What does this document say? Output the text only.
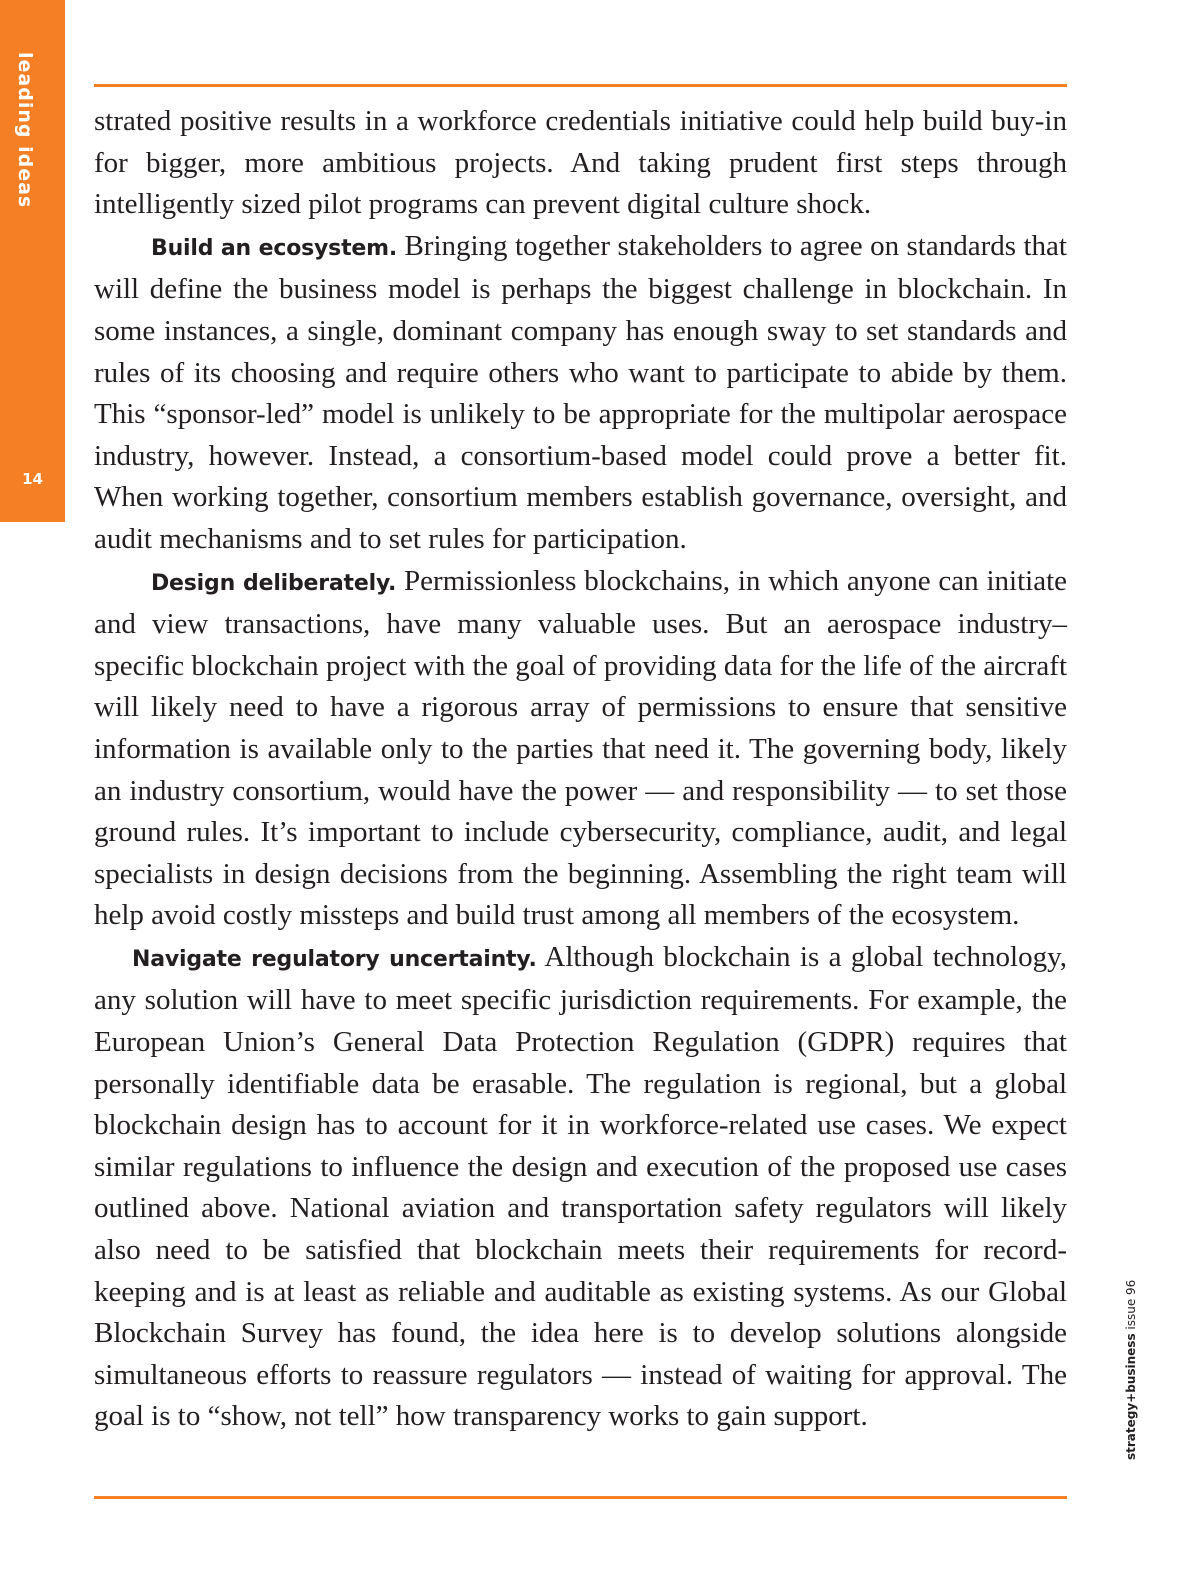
leading ideas
14

strated positive results in a workforce credentials initiative could help build buy-in for bigger, more ambitious projects. And taking prudent first steps through intelligently sized pilot programs can prevent digital culture shock.

Build an ecosystem. Bringing together stakeholders to agree on standards that will define the business model is perhaps the biggest challenge in blockchain. In some instances, a single, dominant company has enough sway to set standards and rules of its choosing and require others who want to participate to abide by them. This “sponsor-led” model is unlikely to be appropriate for the multipolar aerospace industry, however. Instead, a consortium-based model could prove a better fit. When working together, consortium members establish governance, oversight, and audit mechanisms and to set rules for participation.

Design deliberately. Permissionless blockchains, in which anyone can initiate and view transactions, have many valuable uses. But an aerospace industry–specific blockchain project with the goal of providing data for the life of the aircraft will likely need to have a rigorous array of permissions to ensure that sensitive information is available only to the parties that need it. The governing body, likely an industry consortium, would have the power — and responsibility — to set those ground rules. It’s important to include cybersecurity, compliance, audit, and legal specialists in design decisions from the beginning. Assembling the right team will help avoid costly missteps and build trust among all members of the ecosystem.

Navigate regulatory uncertainty. Although blockchain is a global technology, any solution will have to meet specific jurisdiction requirements. For example, the European Union’s General Data Protection Regulation (GDPR) requires that personally identifiable data be erasable. The regulation is regional, but a global blockchain design has to account for it in workforce-related use cases. We expect similar regulations to influence the design and execution of the proposed use cases outlined above. National aviation and transportation safety regulators will likely also need to be satisfied that blockchain meets their requirements for record-keeping and is at least as reliable and auditable as existing systems. As our Global Blockchain Survey has found, the idea here is to develop solutions alongside simultaneous efforts to reassure regulators — instead of waiting for approval. The goal is to “show, not tell” how transparency works to gain support.	strategy+business issue 96
